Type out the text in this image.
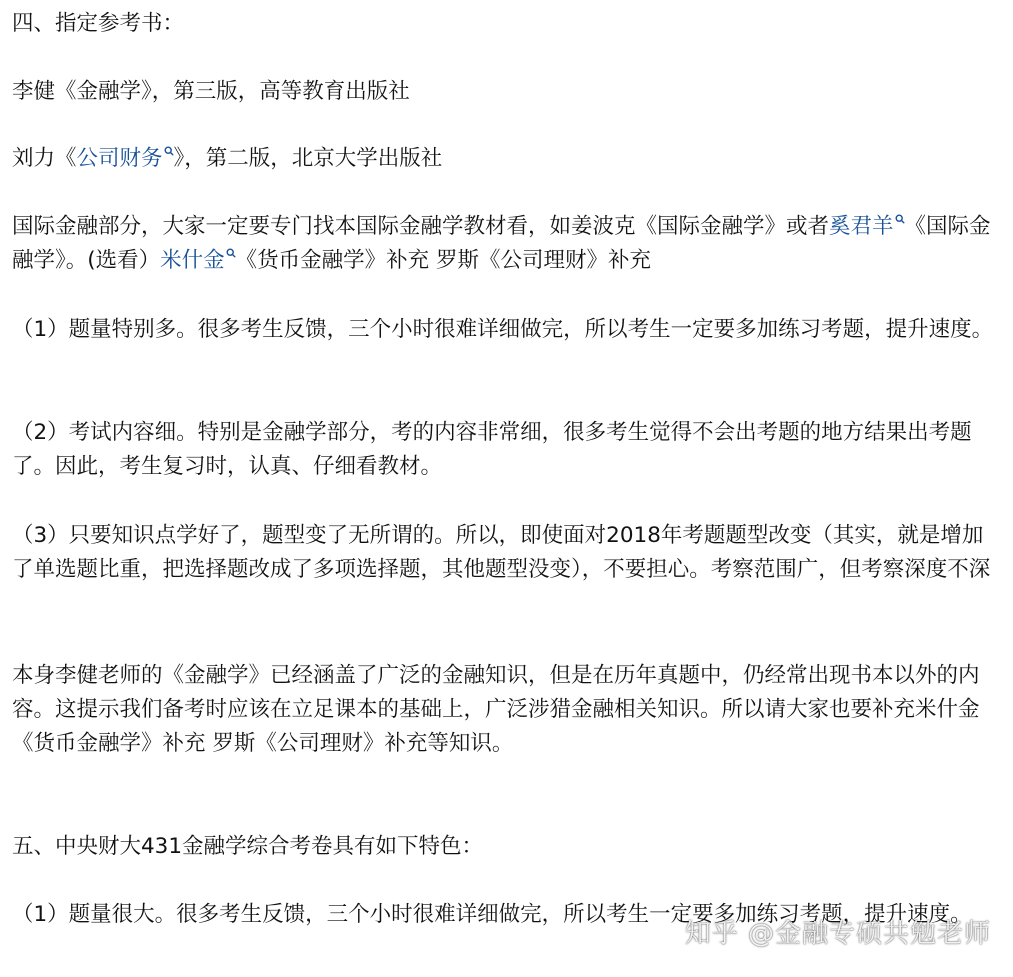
四、指定参考书：

李健《金融学》，第三版，高等教育出版社

刘力《公司财务 》，第二版，北京大学出版社

国际金融部分，大家一定要专门找本国际金融学教材看，如姜波克《国际金融学》或者奚君羊 《国际金融学》。(选看）米什金 《货币金融学》补充 罗斯《公司理财》补充

（1）题量特别多。很多考生反馈，三个小时很难详细做完，所以考生一定要多加练习考题，提升速度。

（2）考试内容细。特别是金融学部分，考的内容非常细，很多考生觉得不会出考题的地方结果出考题了。因此，考生复习时，认真、仔细看教材。

（3）只要知识点学好了，题型变了无所谓的。所以，即使面对2018年考题题型改变（其实，就是增加了单选题比重，把选择题改成了多项选择题，其他题型没变），不要担心。考察范围广，但考察深度不深

本身李健老师的《金融学》已经涵盖了广泛的金融知识，但是在历年真题中，仍经常出现书本以外的内容。这提示我们备考时应该在立足课本的基础上，广泛涉猎金融相关知识。所以请大家也要补充米什金《货币金融学》补充 罗斯《公司理财》补充等知识。

五、中央财大431金融学综合考卷具有如下特色：

（1）题量很大。很多考生反馈，三个小时很难详细做完，所以考生一定要多加练习考题，提升速度。

知乎 @金融专硕共勉老师
